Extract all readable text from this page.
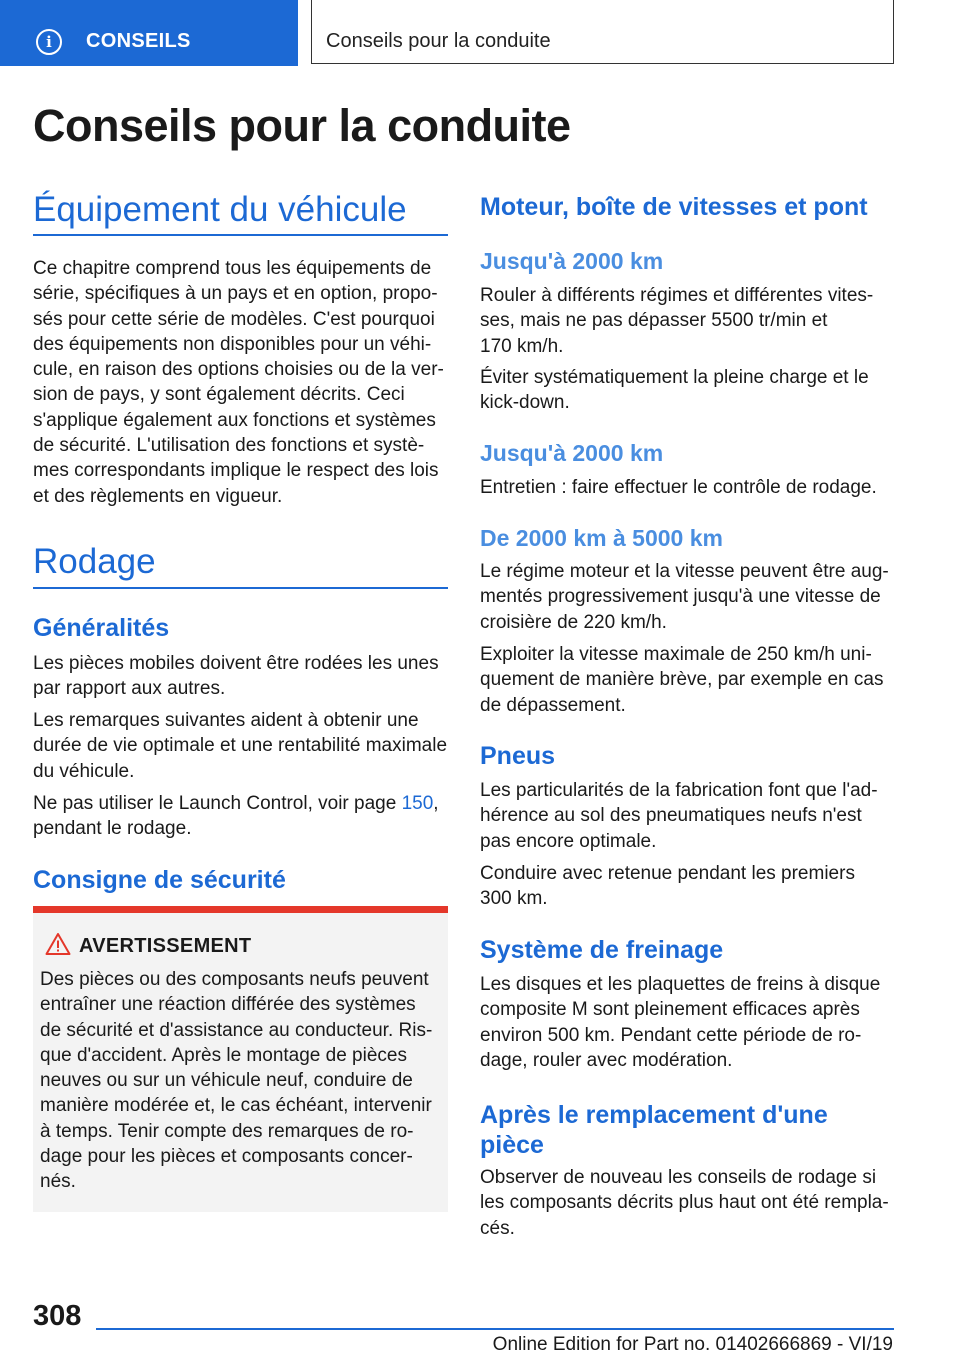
i	CONSEILS	Conseils pour la conduite
Conseils pour la conduite
Équipement du véhicule
Ce chapitre comprend tous les équipements de
série, spécifiques à un pays et en option, propo-
sés pour cette série de modèles. C'est pourquoi
des équipements non disponibles pour un véhi-
cule, en raison des options choisies ou de la ver-
sion de pays, y sont également décrits. Ceci
s'applique également aux fonctions et systèmes
de sécurité. L'utilisation des fonctions et systè-
mes correspondants implique le respect des lois
et des règlements en vigueur.
Rodage
Généralités
Les pièces mobiles doivent être rodées les unes
par rapport aux autres.
Les remarques suivantes aident à obtenir une
durée de vie optimale et une rentabilité maximale
du véhicule.
Ne pas utiliser le Launch Control, voir page 150,
pendant le rodage.
Consigne de sécurité
AVERTISSEMENT
Des pièces ou des composants neufs peuvent
entraîner une réaction différée des systèmes
de sécurité et d'assistance au conducteur. Ris-
que d'accident. Après le montage de pièces
neuves ou sur un véhicule neuf, conduire de
manière modérée et, le cas échéant, intervenir
à temps. Tenir compte des remarques de ro-
dage pour les pièces et composants concer-
nés.
Moteur, boîte de vitesses et pont
Jusqu'à 2000 km
Rouler à différents régimes et différentes vites-
ses, mais ne pas dépasser 5500 tr/min et
170 km/h.
Éviter systématiquement la pleine charge et le
kick-down.
Jusqu'à 2000 km
Entretien : faire effectuer le contrôle de rodage.
De 2000 km à 5000 km
Le régime moteur et la vitesse peuvent être aug-
mentés progressivement jusqu'à une vitesse de
croisière de 220 km/h.
Exploiter la vitesse maximale de 250 km/h uni-
quement de manière brève, par exemple en cas
de dépassement.
Pneus
Les particularités de la fabrication font que l'ad-
hérence au sol des pneumatiques neufs n'est
pas encore optimale.
Conduire avec retenue pendant les premiers
300 km.
Système de freinage
Les disques et les plaquettes de freins à disque
composite M sont pleinement efficaces après
environ 500 km. Pendant cette période de ro-
dage, rouler avec modération.
Après le remplacement d'une
pièce
Observer de nouveau les conseils de rodage si
les composants décrits plus haut ont été rempla-
cés.
308
Online Edition for Part no. 01402666869 - VI/19
